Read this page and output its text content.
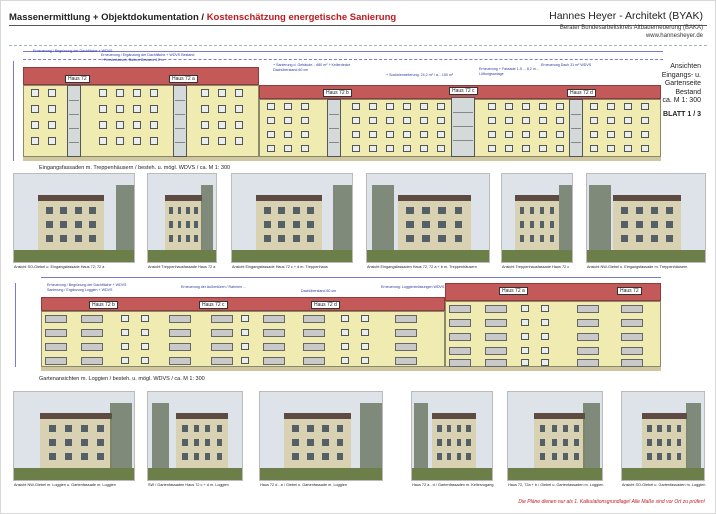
Massenermittlung + Objektdokumentation / Kostenschätzung energetische Sanierung	Hannes Heyer - Architekt (BYAK)
Berater Bundesarbeitskreis Altbauerneuerung (BAKA)
www.hannesheyer.de
Ansichten
Eingangs- u.
Gartenseite
Bestand
ca. M 1: 300
BLATT 1 / 3
Haus 72	Haus 72 a
Haus 72 b	Haus 72 c	Haus 72 d
Erneuerung / Begrünung der Dachfläche + WDVS
Erneuerung / Ergänzung der Dachfläche + WDVS Bestand
+ Fenstertausch: Balkon Bestand 4,2 m
+ Sanierung d. Gebäude... 680 m² + Kellerdecke
Dachüberstand 60 cm
+ Sockelerweiterung: 24,2 m² / a... 150 m²
Erneuerung + Fassade 1-5 ... 8,2 m...
Lüftungsanlage
Erneuerung Dach 31 m² WDVS
Eingangsfassaden m. Treppenhäusern / besteh. u. mögl. WDVS / ca. M 1: 300
Ansicht SO-Giebel u. Eingangsfassade Haus 72; 72 a	Ansicht Treppenhausfassade Haus 72 a	Ansicht Eingangsfassade Haus 72 c + d m. Treppenhaus	Ansicht Eingangsfassaden Haus 72, 72 a + b m. Treppenhäusern	Ansicht Treppenhausfassade Haus 72 c	Ansicht NW-Giebel u. Eingangsfassade m. Treppenhäusern
Haus 72 b	Haus 72 c	Haus 72 d
Haus 72 a	Haus 72
Erneuerung / Begrünung der Dachfläche + WDVS
Sanierung / Ergänzung Loggien + WDVS
Erneuerung der Außentüren / Rahmen ...
Dachüberstand 60 cm
Erneuerung: Loggienbrüstungen WDVS
Gartenansichten m. Loggien / besteh. u. mögl. WDVS / ca. M 1: 300
Ansicht NW-Giebel m. Loggien u. Gartenfassade m. Loggien	SW / Gartenfassaden Haus 72 c + d m. Loggien	Haus 72 d - a / Giebel u. Gartenfassade m. Loggien	Haus 72 a - d / Gartenfassaden m. Kellerzugang	Haus 72, 72a + b / Giebel u. Gartenfassaden m. Loggien	Ansicht SO-Giebel u. Gartenfassaden m. Loggien
Die Pläne dienen nur als 1. Kalkulationsgrundlage! Alle Maße sind vor Ort zu prüfen!
